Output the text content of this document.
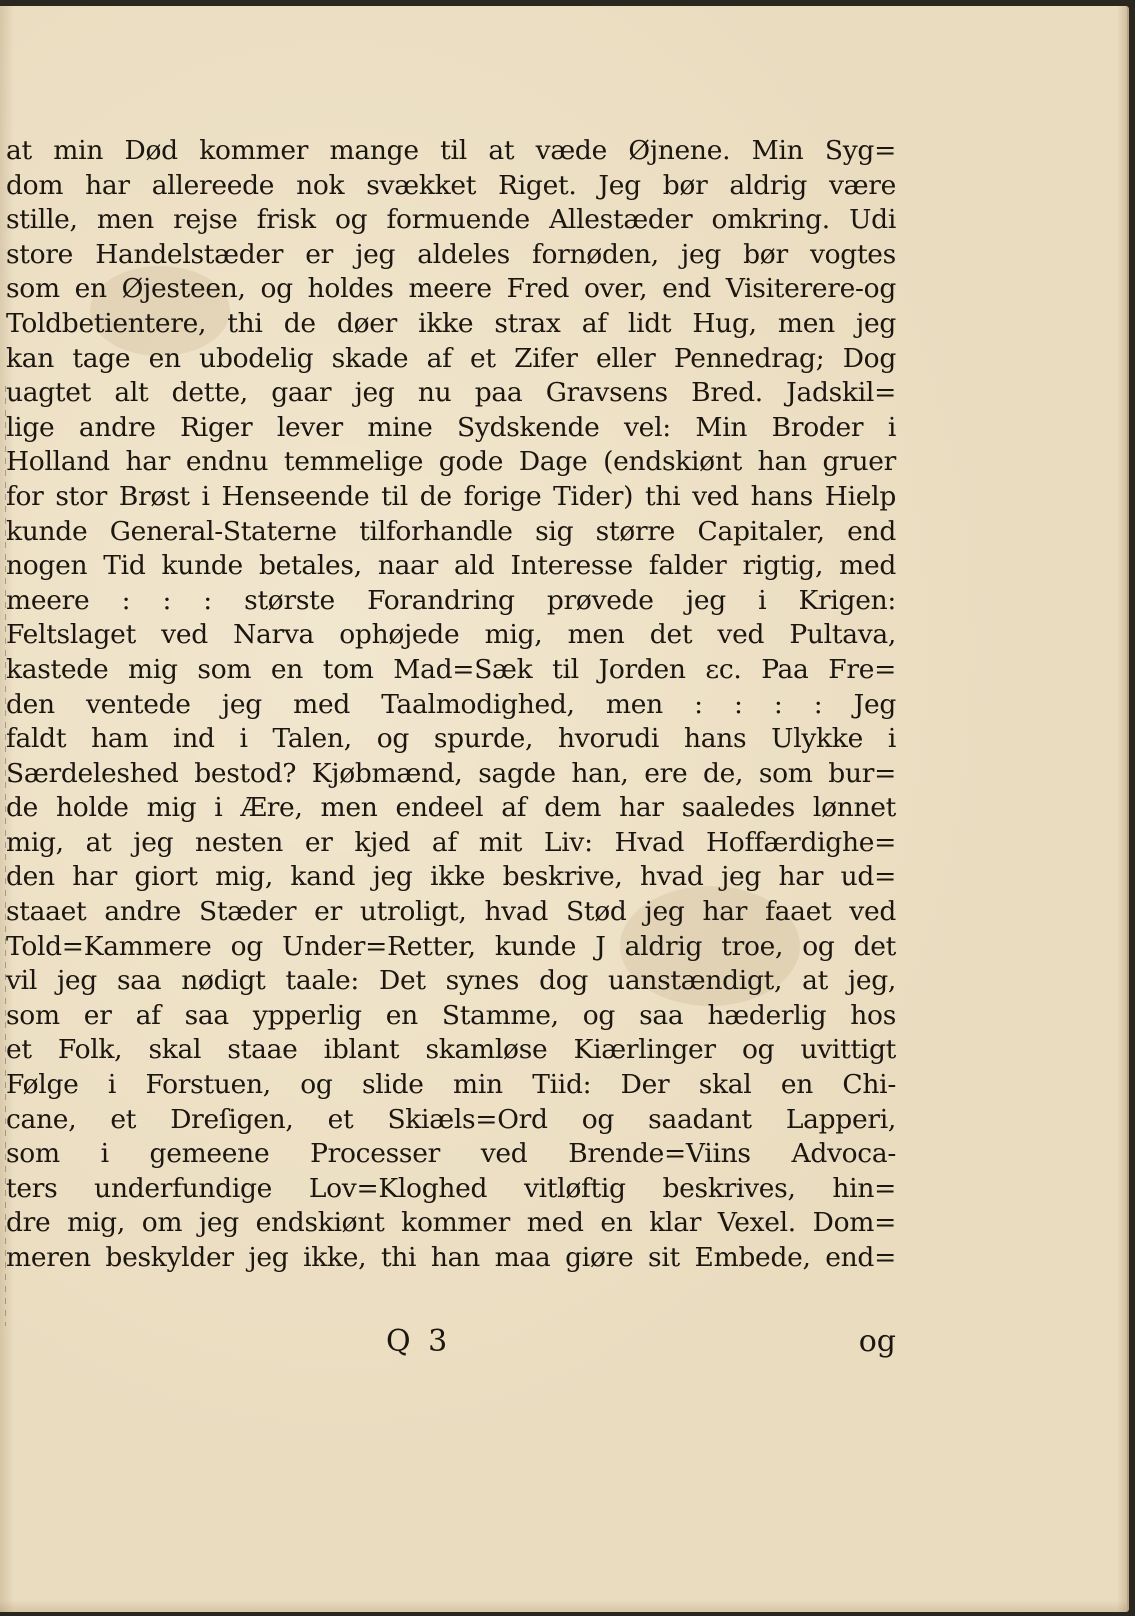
at min Død kommer mange til at væde Øjnene. Min Syg=
dom har allereede nok svækket Riget. Jeg bør aldrig være
stille, men rejse frisk og formuende Allestæder omkring. Udi
store Handelstæder er jeg aldeles fornøden, jeg bør vogtes
som en Øjesteen, og holdes meere Fred over, end Visiterere-og
Toldbetientere, thi de døer ikke strax af lidt Hug, men jeg
kan tage en ubodelig skade af et Zifer eller Pennedrag; Dog
uagtet alt dette, gaar jeg nu paa Gravsens Bred. Jadskil=
lige andre Riger lever mine Sydskende vel: Min Broder i
Holland har endnu temmelige gode Dage (endskiønt han gruer
for stor Brøst i Henseende til de forige Tider) thi ved hans Hielp
kunde General-Staterne tilforhandle sig større Capitaler, end
nogen Tid kunde betales, naar ald Interesse falder rigtig, med
meere : : : største Forandring prøvede jeg i Krigen:
Feltslaget ved Narva ophøjede mig, men det ved Pultava,
kastede mig som en tom Mad=Sæk til Jorden ɛc. Paa Fre=
den ventede jeg med Taalmodighed, men : : : : Jeg
faldt ham ind i Talen, og spurde, hvorudi hans Ulykke i
Særdeleshed bestod? Kjøbmænd, sagde han, ere de, som bur=
de holde mig i Ære, men endeel af dem har saaledes lønnet
mig, at jeg nesten er kjed af mit Liv: Hvad Hoffærdighe=
den har giort mig, kand jeg ikke beskrive, hvad jeg har ud=
staaet andre Stæder er utroligt, hvad Stød jeg har faaet ved
Told=Kammere og Under=Retter, kunde J aldrig troe, og det
vil jeg saa nødigt taale: Det synes dog uanstændigt, at jeg,
som er af saa ypperlig en Stamme, og saa hæderlig hos
et Folk, skal staae iblant skamløse Kiærlinger og uvittigt
Følge i Forstuen, og slide min Tiid: Der skal en Chi-
cane, et Dreſigen, et Skiæls=Ord og saadant Lapperi,
som i gemeene Processer ved Brende=Viins Advoca-
ters underfundige Lov=Kloghed vitløftig beskrives, hin=
dre mig, om jeg endskiønt kommer med en klar Vexel. Dom=
meren beskylder jeg ikke, thi han maa giøre sit Embede, end=
Q 3	og
